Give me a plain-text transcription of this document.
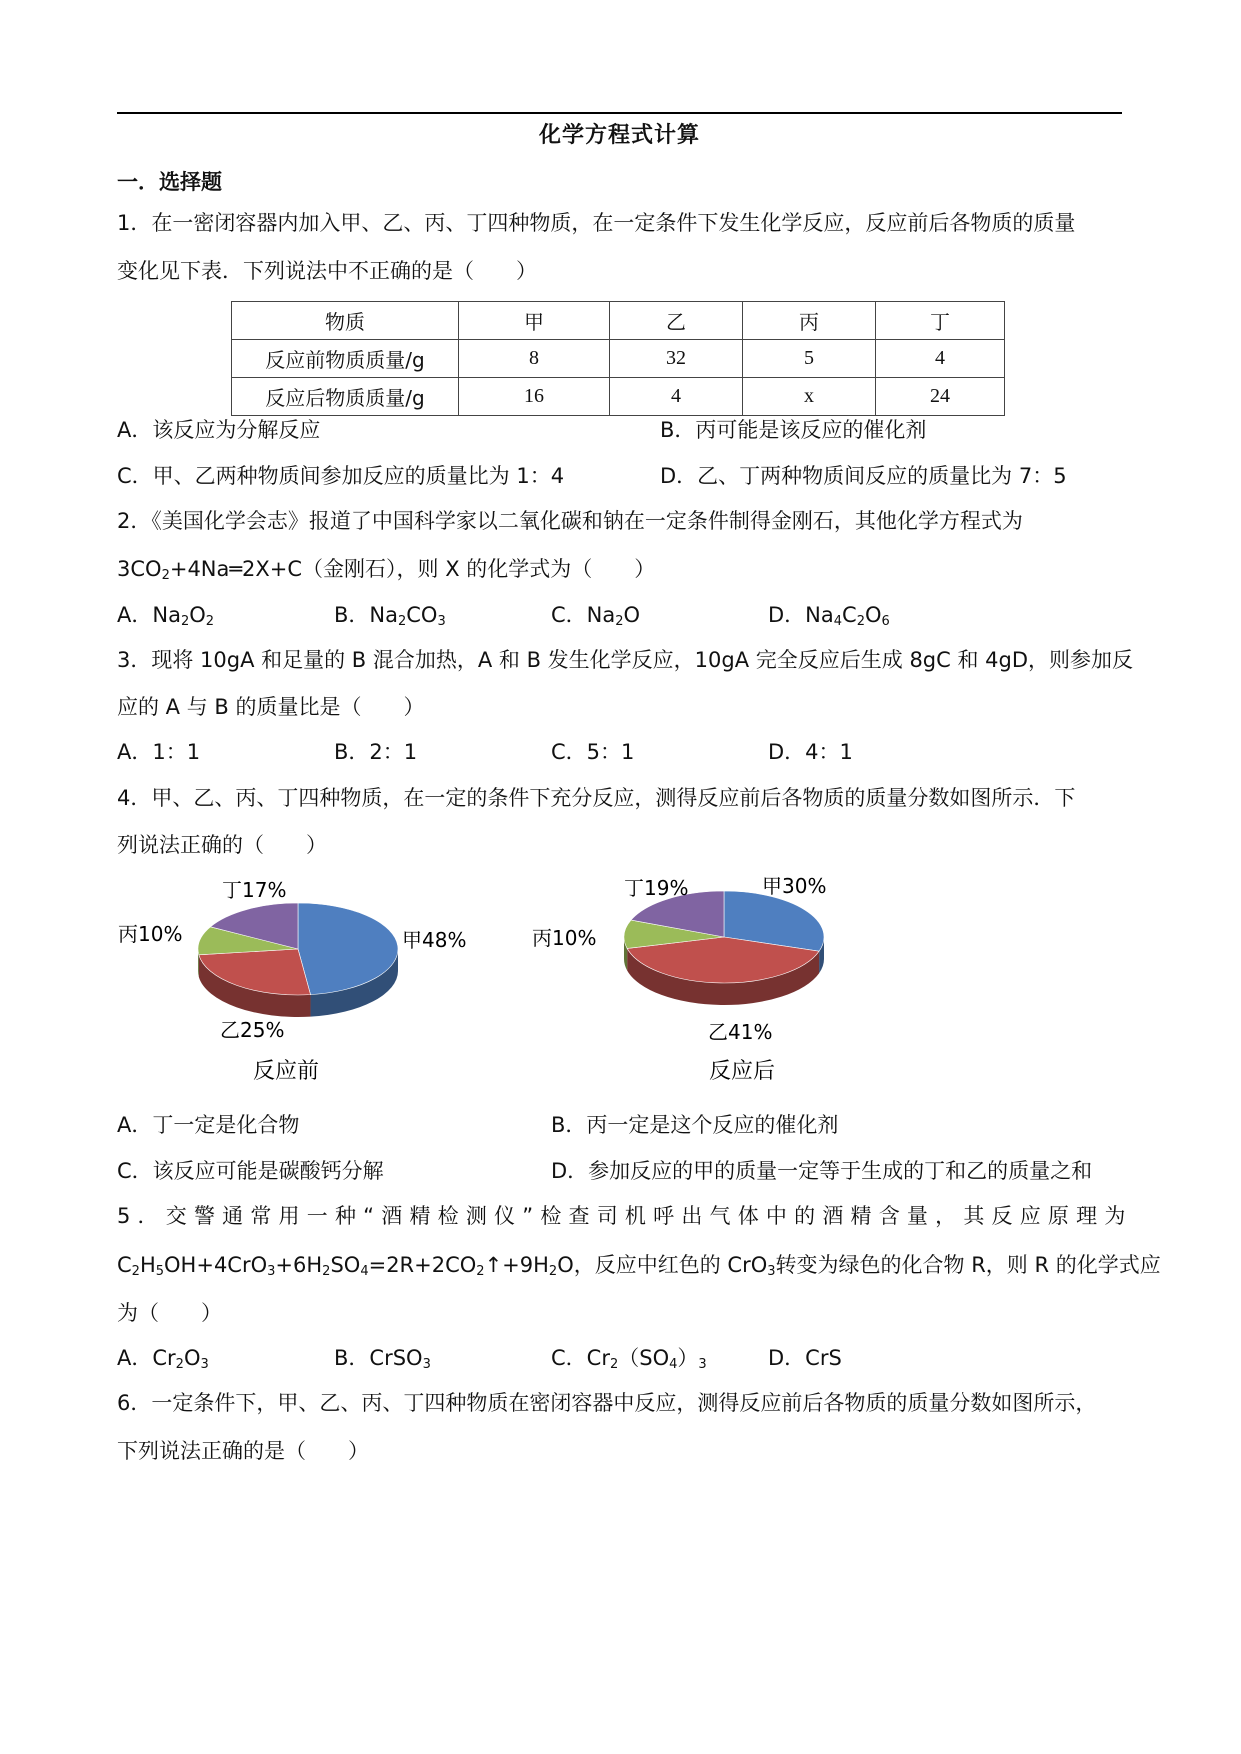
化学方程式计算
一．选择题
1．在一密闭容器内加入甲、乙、丙、丁四种物质，在一定条件下发生化学反应，反应前后各物质的质量
变化见下表．下列说法中不正确的是（　　）
物质	甲	乙	丙	丁
反应前物质质量/g	8	32	5	4
反应后物质质量/g	16	4	x	24
A．该反应为分解反应	B．丙可能是该反应的催化剂
C．甲、乙两种物质间参加反应的质量比为 1：4	D．乙、丁两种物质间反应的质量比为 7：5
2．《美国化学会志》报道了中国科学家以二氧化碳和钠在一定条件制得金刚石，其他化学方程式为
$3CO_2+4Na═2X+C$（金刚石），则 X 的化学式为（　　）
A．$Na_2O_2$	B．$Na_2CO_3$	C．$Na_2O$	D．$Na_4C_2O_6$
3．现将 10gA 和足量的 B 混合加热，A 和 B 发生化学反应，10gA 完全反应后生成 8gC 和 4gD，则参加反
应的 A 与 B 的质量比是（　　）
A．1：1	B．2：1	C．5：1	D．4：1
4．甲、乙、丙、丁四种物质，在一定的条件下充分反应，测得反应前后各物质的质量分数如图所示．下
列说法正确的（　　）
丁17%
丙10%	甲48%
乙25%
反应前
丁19%	甲30%
丙10%
乙41%
反应后
A．丁一定是化合物	B．丙一定是这个反应的催化剂
C．该反应可能是碳酸钙分解	D．参加反应的甲的质量一定等于生成的丁和乙的质量之和
5．交警通常用一种“酒精检测仪”检查司机呼出气体中的酒精含量，其反应原理为
$C_2H_5OH+4CrO_3+6H_2SO_4=2R+2CO_2↑+9H_2O$，反应中红色的 CrO$_3$转变为绿色的化合物 R，则 R 的化学式应
为（　　）
A．$Cr_2O_3$	B．CrSO$_3$	C．$Cr_2(SO_4)_3$	D．CrS
6．一定条件下，甲、乙、丙、丁四种物质在密闭容器中反应，测得反应前后各物质的质量分数如图所示，
下列说法正确的是（　　）
